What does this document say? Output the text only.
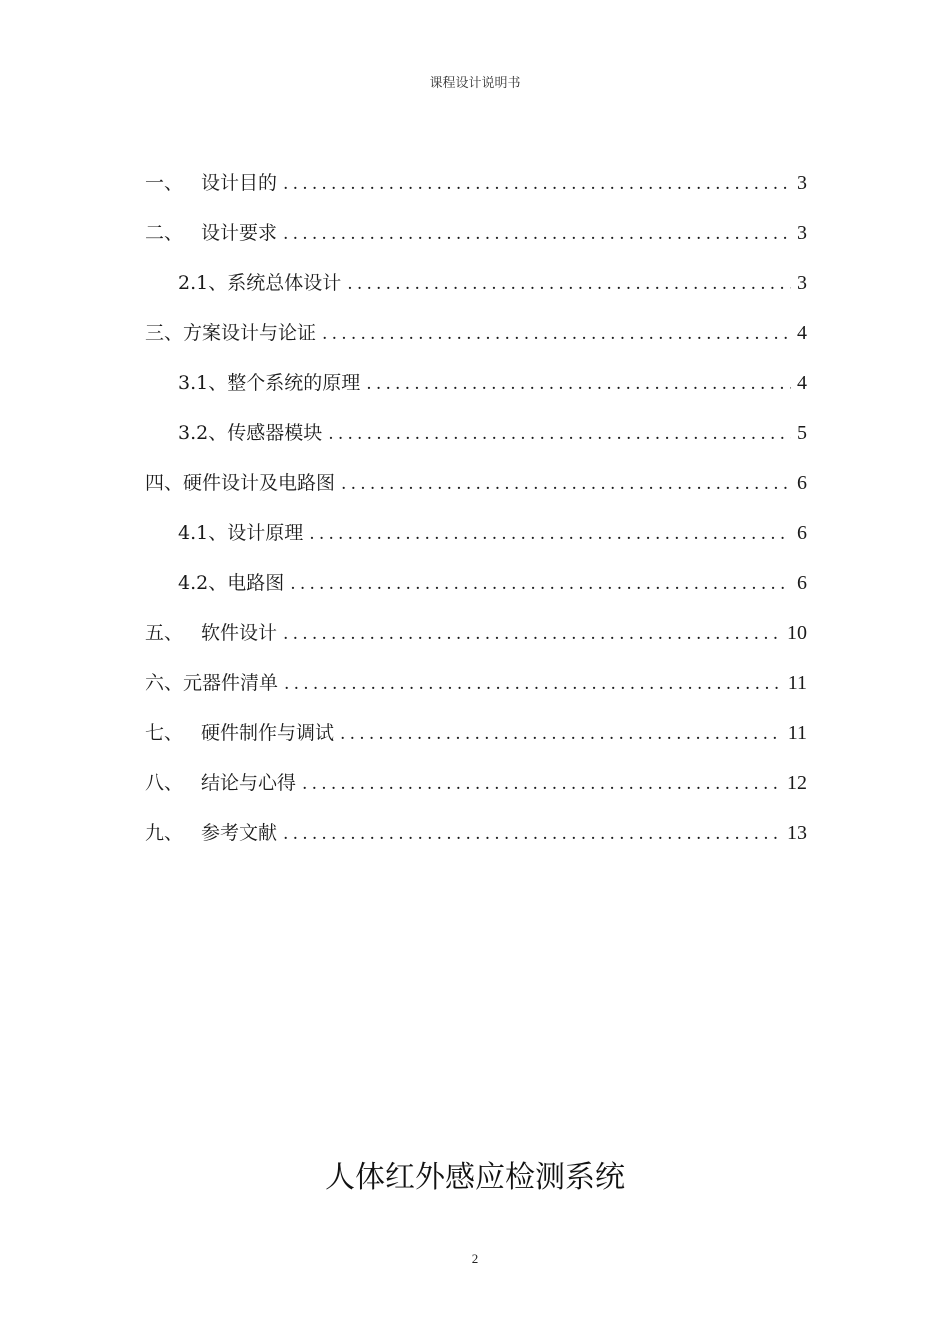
课程设计说明书
一、 设计目的 .....	3
二、 设计要求 .....	3
2.1、 系统总体设计 .....	3
三、 方案设计与论证 .....	4
3.1、 整个系统的原理 .....	4
3.2、 传感器模块 .....	5
四、 硬件设计及电路图 .....	6
4.1、 设计原理 .....	6
4.2、 电路图 .....	6
五、 软件设计 .....	10
六、 元器件清单 .....	11
七、 硬件制作与调试 .....	11
八、 结论与心得 .....	12
九、 参考文献 .....	13
人体红外感应检测系统
2
